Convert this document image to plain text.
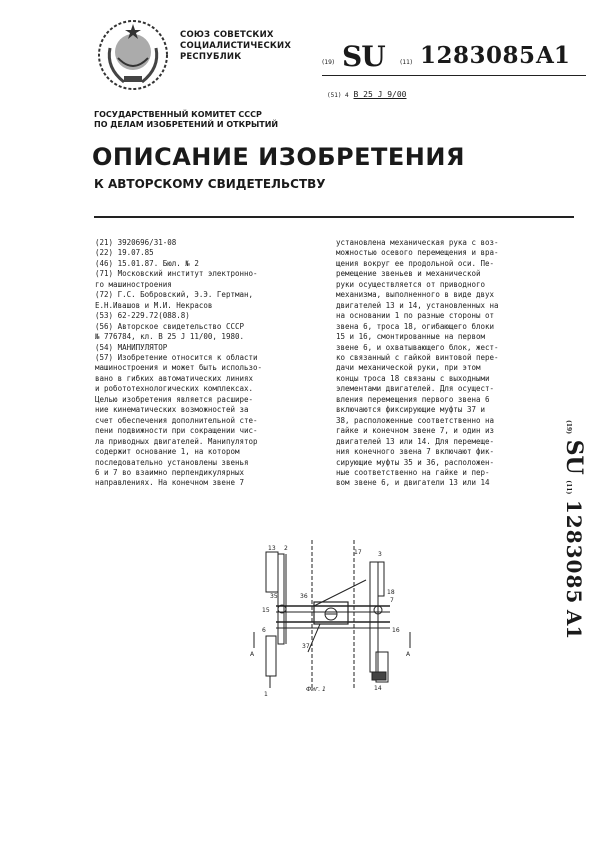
СОЮЗ СОВЕТСКИХ
СОЦИАЛИСТИЧЕСКИХ
РЕСПУБЛИК
(19) SU	(11) 1283085 A1
(51) 4 B 25 J 9/00
ГОСУДАРСТВЕННЫЙ КОМИТЕТ СССР
ПО ДЕЛАМ ИЗОБРЕТЕНИЙ И ОТКРЫТИЙ
ОПИСАНИЕ ИЗОБРЕТЕНИЯ
К АВТОРСКОМУ СВИДЕТЕЛЬСТВУ
(21) 3920696/31-08
(22) 19.07.85
(46) 15.01.87. Бюл. № 2
(71) Московский институт электронно-
го машиностроения
(72) Г.С. Бобровский, Э.Э. Гертман,
Е.Н.Ивашов и М.И. Некрасов
(53) 62-229.72(088.8)
(56) Авторское свидетельство СССР
№ 776784, кл. В 25 J 11/00, 1980.
(54) МАНИПУЛЯТОР
(57) Изобретение относится к области
машиностроения и может быть использо-
вано в гибких автоматических линиях
и робототехнологических комплексах.
Целью изобретения является расшире-
ние кинематических возможностей за
счет обеспечения дополнительной сте-
пени подвижности при сокращении чис-
ла приводных двигателей. Манипулятор
содержит основание 1, на котором
последовательно установлены звенья
6 и 7 во взаимно перпендикулярных
направлениях. На конечном звене 7
установлена механическая рука с воз-
можностью осевого перемещения и вра-
щения вокруг ее продольной оси. Пе-
ремещение звеньев и механической
руки осуществляется от приводного
механизма, выполненного в виде двух
двигателей 13 и 14, установленных на
на основании 1 по разные стороны от
звена 6, троса 18, огибающего блоки
15 и 16, смонтированные на первом
звене 6, и охватывающего блок, жест-
ко связанный с гайкой винтовой пере-
дачи механической руки, при этом
концы троса 18 связаны с выходными
элементами двигателей. Для осущест-
вления перемещения первого звена 6
включаются фиксирующие муфты 37 и
38, расположенные соответственно на
гайке и конечном звене 7, и один из
двигателей 13 или 14. Для перемеще-
ния конечного звена 7 включают фик-
сирующие муфты 35 и 36, расположен-
ные соответственно на гайке и пер-
вом звене 6, и двигатели 13 или 14
(19) SU (11) 1283085 A1
13 2
17	3
35	36
18
7
15
6	16
37
A	A
1
14
Фиг. 1
